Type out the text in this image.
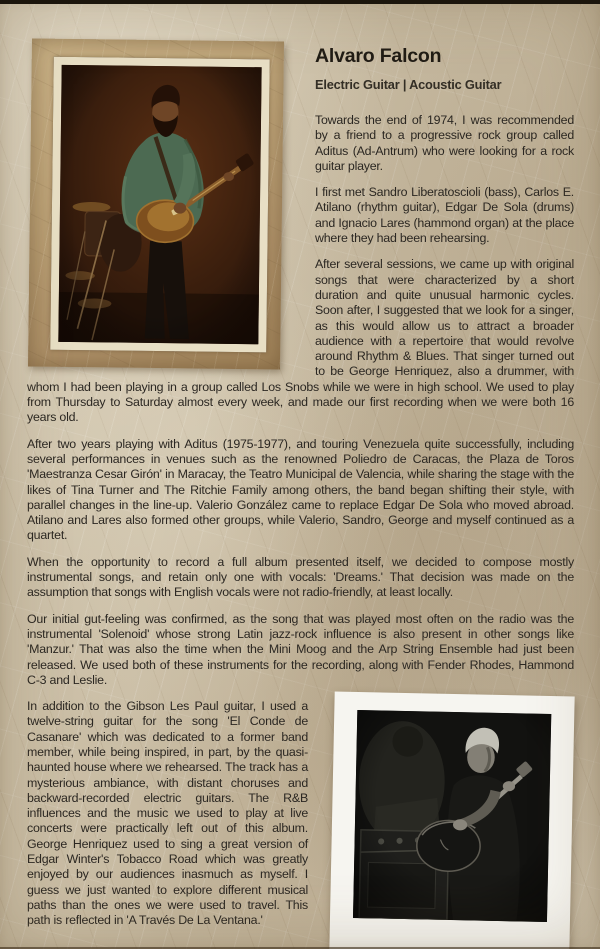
Alvaro Falcon
Electric Guitar | Acoustic Guitar

Towards the end of 1974, I was recommended by a friend to a progressive rock group called Aditus (Ad-Antrum) who were looking for a rock guitar player.

I first met Sandro Liberatoscioli (bass), Carlos E. Atilano (rhythm guitar), Edgar De Sola (drums) and Ignacio Lares (hammond organ) at the place where they had been rehearsing.

After several sessions, we came up with original songs that were characterized by a short duration and quite unusual harmonic cycles. Soon after, I suggested that we look for a singer, as this would allow us to attract a broader audience with a repertoire that would revolve around Rhythm & Blues. That singer turned out to be George Henriquez, also a drummer, with whom I had been playing in a group called Los Snobs while we were in high school. We used to play from Thursday to Saturday almost every week, and made our first recording when we were both 16 years old.

After two years playing with Aditus (1975-1977), and touring Venezuela quite successfully, including several performances in venues such as the renowned Poliedro de Caracas, the Plaza de Toros 'Maestranza Cesar Girón' in Maracay, the Teatro Municipal de Valencia, while sharing the stage with the likes of Tina Turner and The Ritchie Family among others, the band began shifting their style, with parallel changes in the line-up. Valerio González came to replace Edgar De Sola who moved abroad. Atilano and Lares also formed other groups, while Valerio, Sandro, George and myself continued as a quartet.

When the opportunity to record a full album presented itself, we decided to compose mostly instrumental songs, and retain only one with vocals: 'Dreams.' That decision was made on the assumption that songs with English vocals were not radio-friendly, at least locally.

Our initial gut-feeling was confirmed, as the song that was played most often on the radio was the instrumental 'Solenoid' whose strong Latin jazz-rock influence is also present in other songs like 'Manzur.' That was also the time when the Mini Moog and the Arp String Ensemble had just been released. We used both of these instruments for the recording, along with Fender Rhodes, Hammond C-3 and Leslie.

In addition to the Gibson Les Paul guitar, I used a twelve-string guitar for the song 'El Conde de Casanare' which was dedicated to a former band member, while being inspired, in part, by the quasi-haunted house where we rehearsed. The track has a mysterious ambiance, with distant choruses and backward-recorded electric guitars. The R&B influences and the music we used to play at live concerts were practically left out of this album. George Henriquez used to sing a great version of Edgar Winter's Tobacco Road which was greatly enjoyed by our audiences inasmuch as myself. I guess we just wanted to explore different musical paths than the ones we were used to travel. This path is reflected in 'A Través De La Ventana.'
